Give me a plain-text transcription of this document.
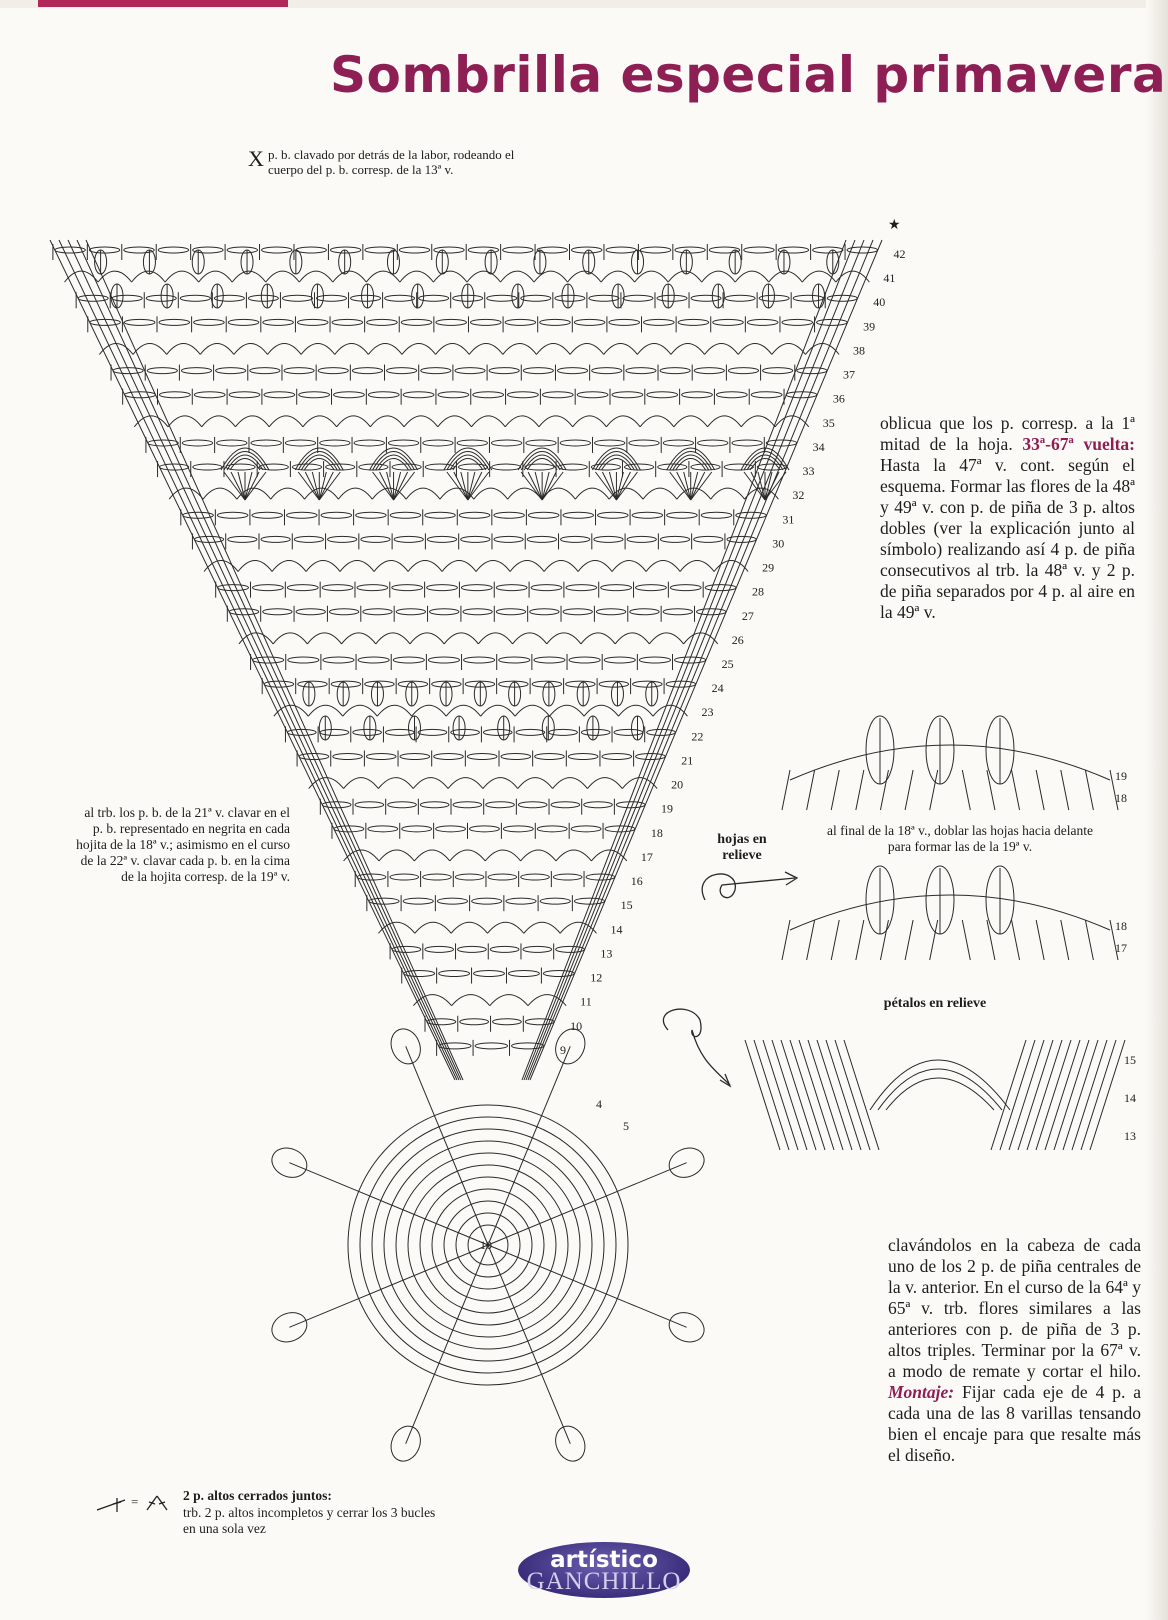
Sombrilla especial primavera
X p. b. clavado por detrás de la labor, rodeando el cuerpo del p. b. corresp. de la 13ª v.
★
42
41
40
39
38
37
36
35
34
33
32
31
30
29
28
27
26
25
24
23
22
21
20
19
18
17
16
15
14
13
12
11
10
9
10
4
5
19
18
18
17
15
14
13

oblicua que los p. corresp. a la 1ª mitad de la hoja. 33ª-67ª vuelta: Hasta la 47ª v. cont. según el esquema. Formar las flores de la 48ª y 49ª v. con p. de piña de 3 p. altos dobles (ver la explicación junto al símbolo) realizando así 4 p. de piña consecutivos al trb. la 48ª v. y 2 p. de piña separados por 4 p. al aire en la 49ª v.

clavándolos en la cabeza de cada uno de los 2 p. de piña centrales de la v. anterior. En el curso de la 64ª y 65ª v. trb. flores similares a las anteriores con p. de piña de 3 p. altos triples. Terminar por la 67ª v. a modo de remate y cortar el hilo. Montaje: Fijar cada eje de 4 p. a cada una de las 8 varillas tensando bien el encaje para que resalte más el diseño.

al trb. los p. b. de la 21ª v. clavar en el p. b. representado en negrita en cada hojita de la 18ª v.; asimismo en el curso de la 22ª v. clavar cada p. b. en la cima de la hojita corresp. de la 19ª v.

hojas en relieve

al final de la 18ª v., doblar las hojas hacia delante para formar las de la 19ª v.

pétalos en relieve

=	2 p. altos cerrados juntos:
trb. 2 p. altos incompletos y cerrar los 3 bucles en una sola vez
artístico
GANCHILLO
